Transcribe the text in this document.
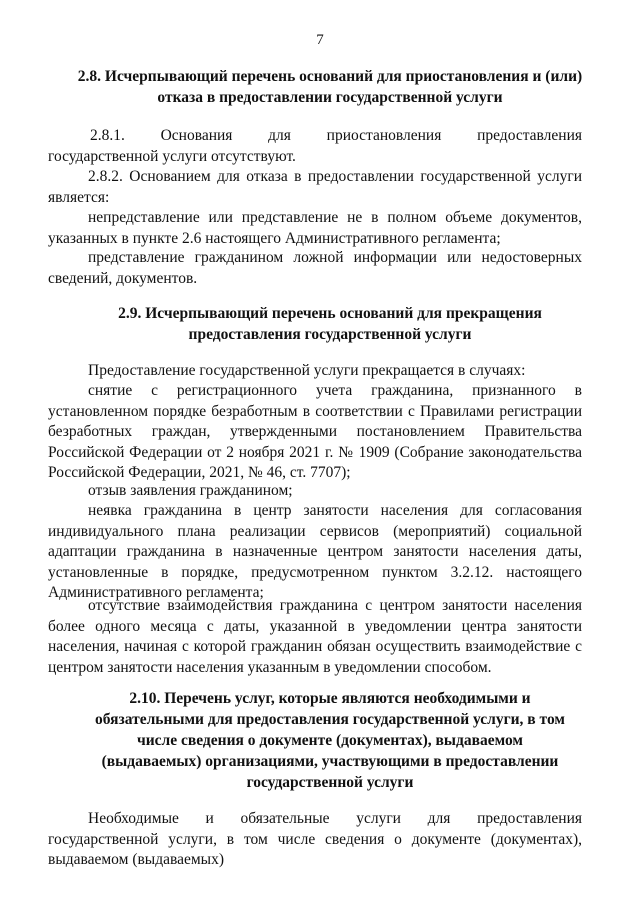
7
2.8. Исчерпывающий перечень оснований для приостановления и (или)
отказа в предоставлении государственной услуги
2.8.1. Основания для приостановления предоставления
государственной услуги отсутствуют.
2.8.2. Основанием для отказа в предоставлении государственной услуги является:
непредставление или представление не в полном объеме документов, указанных в пункте 2.6 настоящего Административного регламента;
представление гражданином ложной информации или недостоверных сведений, документов.
2.9. Исчерпывающий перечень оснований для прекращения
предоставления государственной услуги
Предоставление государственной услуги прекращается в случаях:
снятие с регистрационного учета гражданина, признанного в установленном порядке безработным в соответствии с Правилами регистрации безработных граждан, утвержденными постановлением Правительства Российской Федерации от 2 ноября 2021 г. № 1909 (Собрание законодательства Российской Федерации, 2021, № 46, ст. 7707);
отзыв заявления гражданином;
неявка гражданина в центр занятости населения для согласования индивидуального плана реализации сервисов (мероприятий) социальной адаптации гражданина в назначенные центром занятости населения даты, установленные в порядке, предусмотренном пунктом 3.2.12. настоящего Административного регламента;
отсутствие взаимодействия гражданина с центром занятости населения более одного месяца с даты, указанной в уведомлении центра занятости населения, начиная с которой гражданин обязан осуществить взаимодействие с центром занятости населения указанным в уведомлении способом.
2.10. Перечень услуг, которые являются необходимыми и
обязательными для предоставления государственной услуги, в том
числе сведения о документе (документах), выдаваемом
(выдаваемых) организациями, участвующими в предоставлении
государственной услуги
Необходимые и обязательные услуги для предоставления государственной услуги, в том числе сведения о документе (документах), выдаваемом (выдаваемых)
